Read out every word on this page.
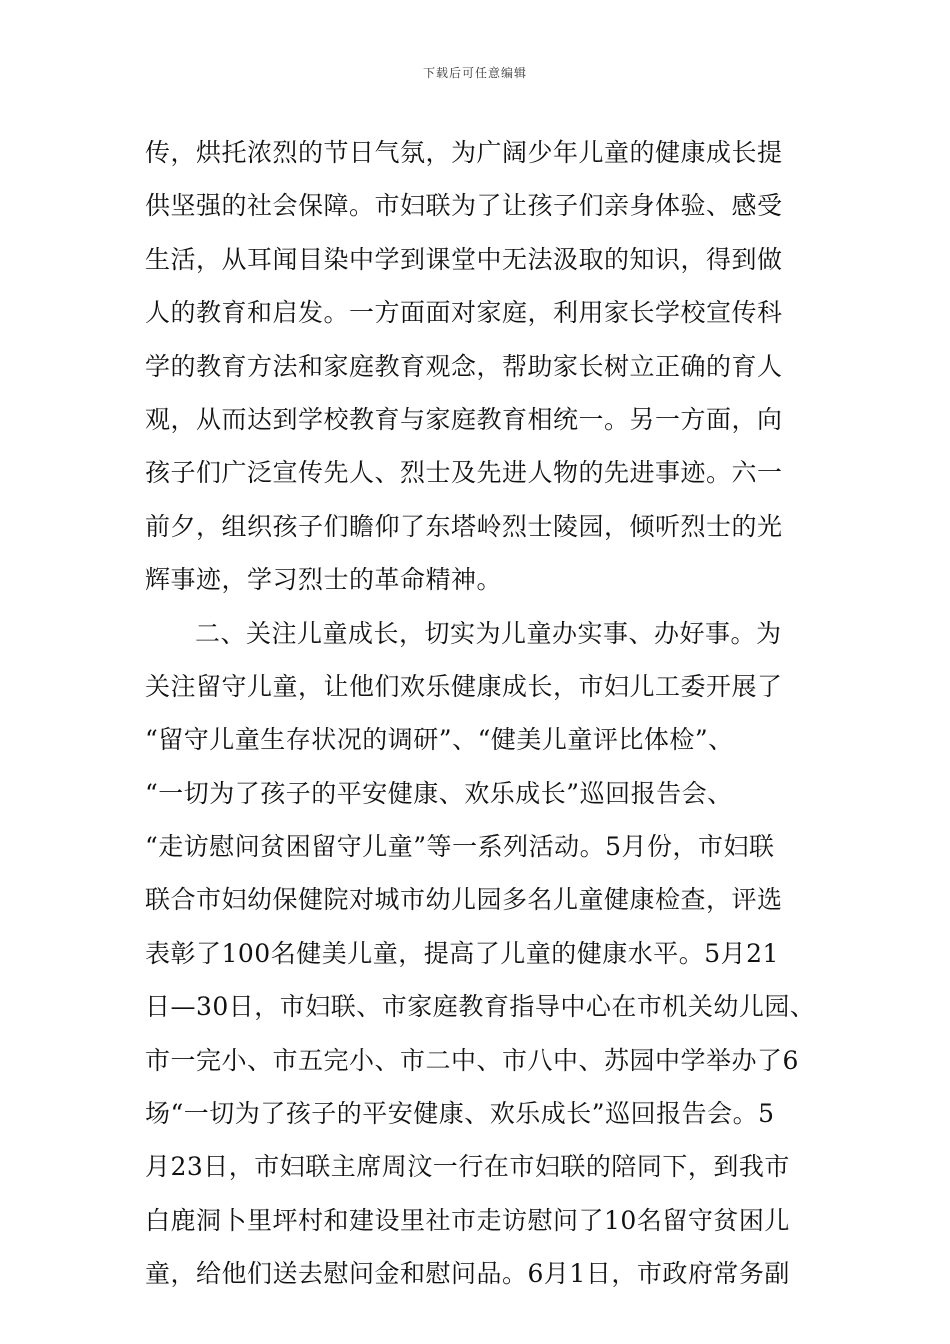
下载后可任意编辑
传，烘托浓烈的节日气氛，为广阔少年儿童的健康成长提
供坚强的社会保障。市妇联为了让孩子们亲身体验、感受
生活，从耳闻目染中学到课堂中无法汲取的知识，得到做
人的教育和启发。一方面面对家庭，利用家长学校宣传科
学的教育方法和家庭教育观念，帮助家长树立正确的育人
观，从而达到学校教育与家庭教育相统一。另一方面，向
孩子们广泛宣传先人、烈士及先进人物的先进事迹。六一
前夕，组织孩子们瞻仰了东塔岭烈士陵园，倾听烈士的光
辉事迹，学习烈士的革命精神。
二、关注儿童成长，切实为儿童办实事、办好事。为
关注留守儿童，让他们欢乐健康成长，市妇儿工委开展了
“留守儿童生存状况的调研”、“健美儿童评比体检”、
“一切为了孩子的平安健康、欢乐成长”巡回报告会、
“走访慰问贫困留守儿童”等一系列活动。5月份，市妇联
联合市妇幼保健院对城市幼儿园多名儿童健康检查，评选
表彰了100名健美儿童，提高了儿童的健康水平。5月21
日—30日，市妇联、市家庭教育指导中心在市机关幼儿园、
市一完小、市五完小、市二中、市八中、苏园中学举办了6
场“一切为了孩子的平安健康、欢乐成长”巡回报告会。5
月23日，市妇联主席周汶一行在市妇联的陪同下，到我市
白鹿洞卜里坪村和建设里社市走访慰问了10名留守贫困儿
童，给他们送去慰问金和慰问品。6月1日，市政府常务副
